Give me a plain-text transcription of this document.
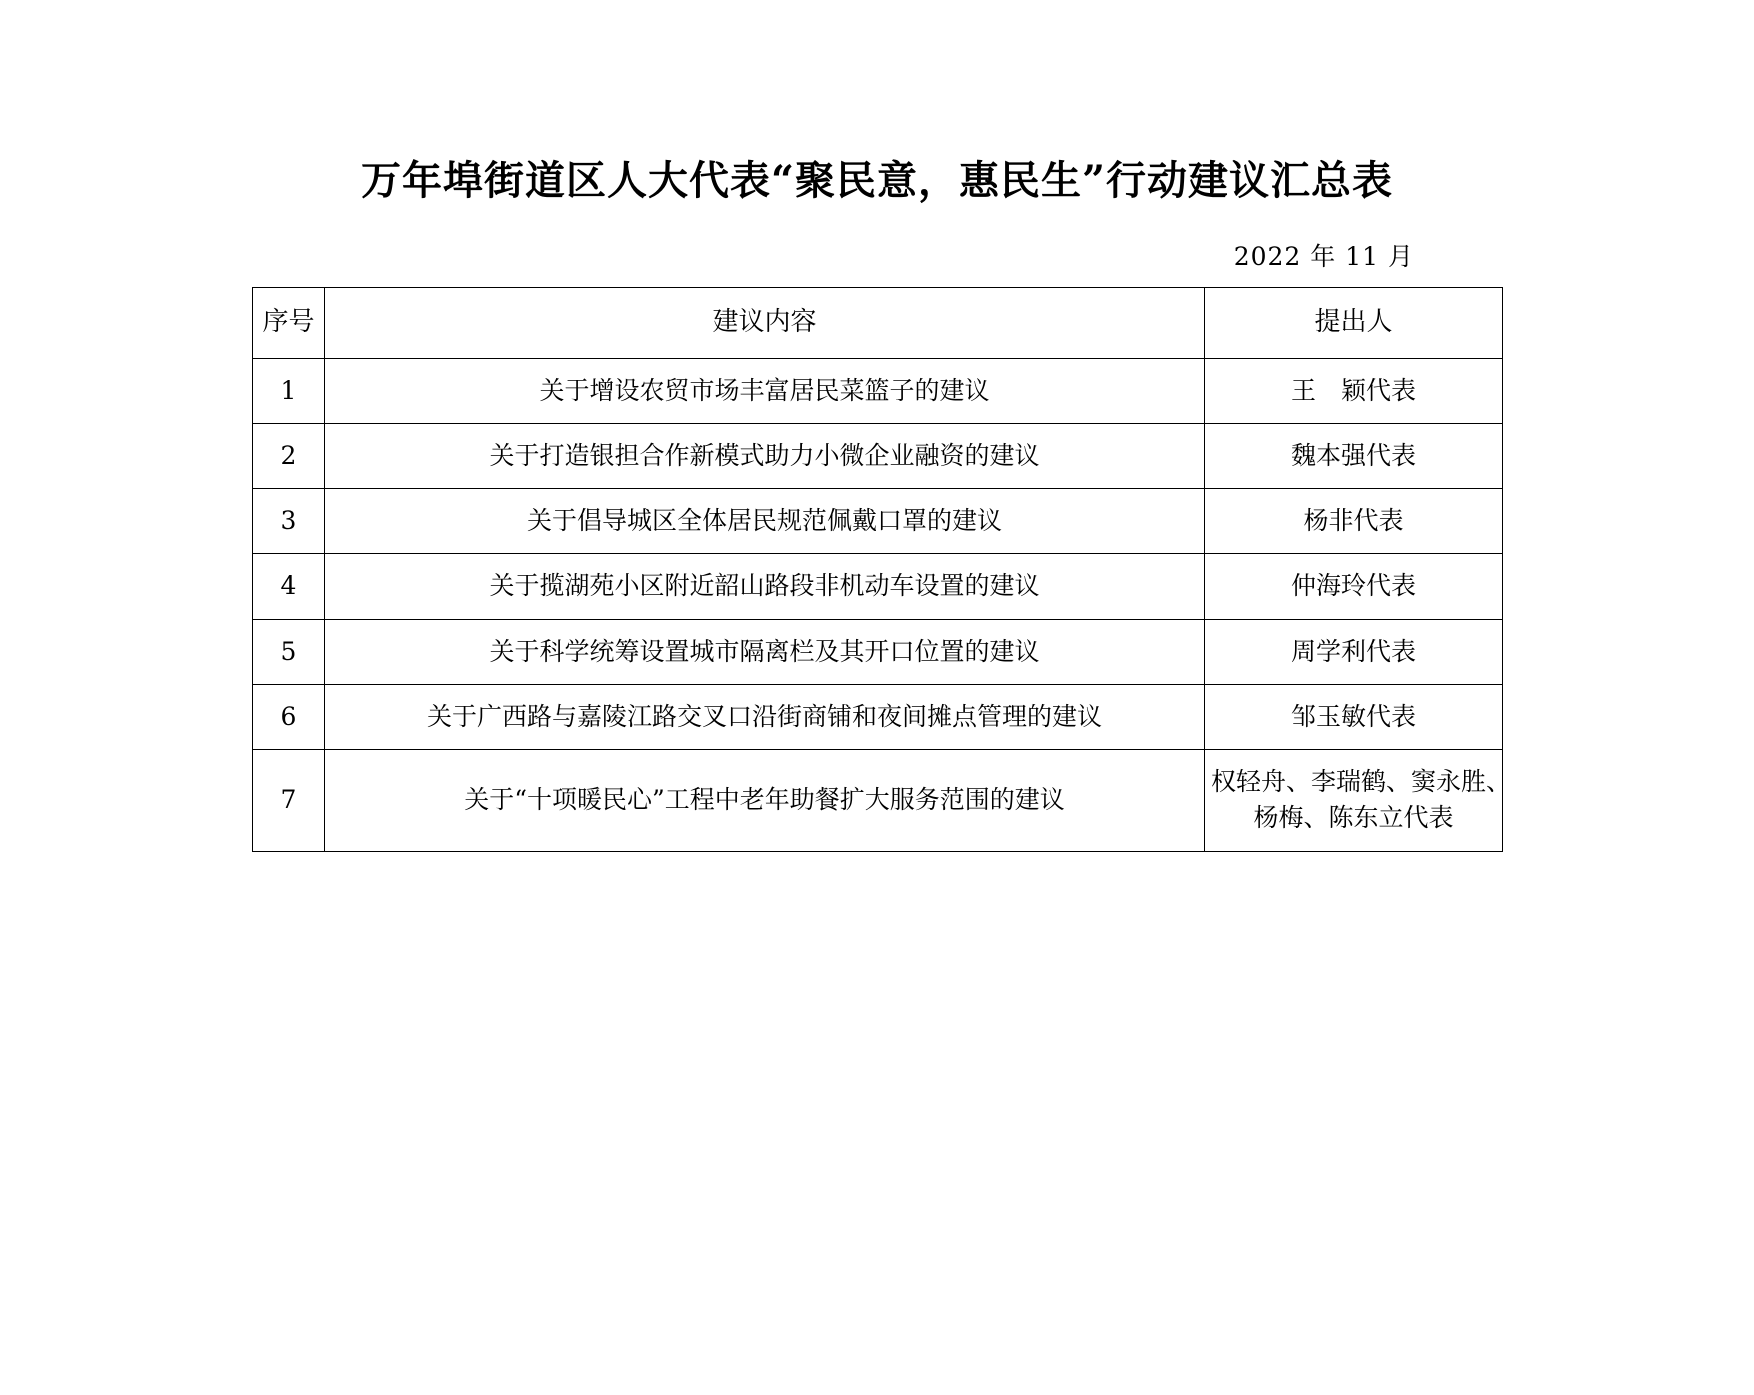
万年埠街道区人大代表“聚民意，惠民生”行动建议汇总表
2022 年 11 月
序号	建议内容	提出人
1	关于增设农贸市场丰富居民菜篮子的建议	王　颖代表
2	关于打造银担合作新模式助力小微企业融资的建议	魏本强代表
3	关于倡导城区全体居民规范佩戴口罩的建议	杨非代表
4	关于揽湖苑小区附近韶山路段非机动车设置的建议	仲海玲代表
5	关于科学统筹设置城市隔离栏及其开口位置的建议	周学利代表
6	关于广西路与嘉陵江路交叉口沿街商铺和夜间摊点管理的建议	邹玉敏代表
7	关于“十项暖民心”工程中老年助餐扩大服务范围的建议	权轻舟、李瑞鹤、窦永胜、
杨梅、陈东立代表
